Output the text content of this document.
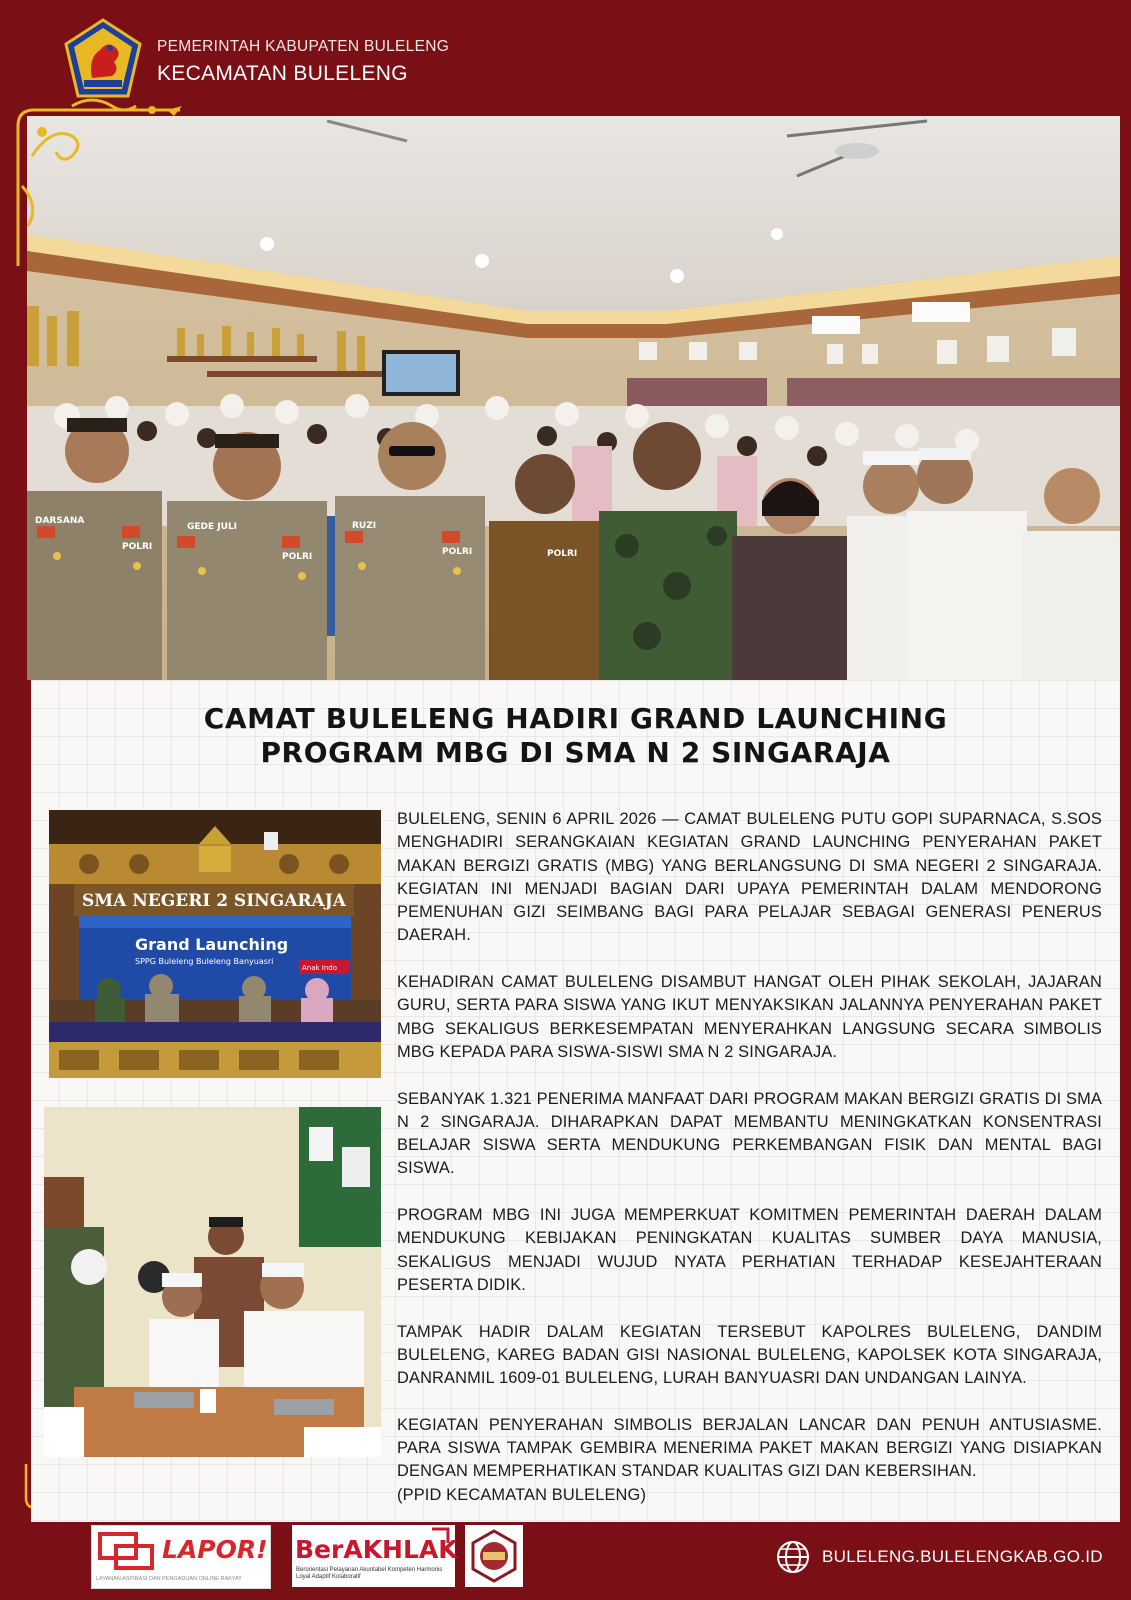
PEMERINTAH KABUPATEN BULELENG
KECAMATAN BULELENG
DARSANA
POLRI
GEDE JULI
POLRI
RUZI
POLRI	POLRI
CAMAT BULELENG HADIRI GRAND LAUNCHING
PROGRAM MBG DI SMA N 2 SINGARAJA
SMA NEGERI 2 SINGARAJA
Grand Launching
SPPG Buleleng Buleleng Banyuasri
Anak Indo

BULELENG, SENIN 6 APRIL 2026 — CAMAT BULELENG PUTU GOPI SUPARNACA, S.SOS MENGHADIRI SERANGKAIAN KEGIATAN GRAND LAUNCHING PENYERAHAN PAKET MAKAN BERGIZI GRATIS (MBG) YANG BERLANGSUNG DI SMA NEGERI 2 SINGARAJA. KEGIATAN INI MENJADI BAGIAN DARI UPAYA PEMERINTAH DALAM MENDORONG PEMENUHAN GIZI SEIMBANG BAGI PARA PELAJAR SEBAGAI GENERASI PENERUS DAERAH.

KEHADIRAN CAMAT BULELENG DISAMBUT HANGAT OLEH PIHAK SEKOLAH, JAJARAN GURU, SERTA PARA SISWA YANG IKUT MENYAKSIKAN JALANNYA PENYERAHAN PAKET MBG SEKALIGUS BERKESEMPATAN MENYERAHKAN LANGSUNG SECARA SIMBOLIS MBG KEPADA PARA SISWA-SISWI SMA N 2 SINGARAJA.

SEBANYAK 1.321 PENERIMA MANFAAT DARI PROGRAM MAKAN BERGIZI GRATIS DI SMA N 2 SINGARAJA. DIHARAPKAN DAPAT MEMBANTU MENINGKATKAN KONSENTRASI BELAJAR SISWA SERTA MENDUKUNG PERKEMBANGAN FISIK DAN MENTAL BAGI SISWA.

PROGRAM MBG INI JUGA MEMPERKUAT KOMITMEN PEMERINTAH DAERAH DALAM MENDUKUNG KEBIJAKAN PENINGKATAN KUALITAS SUMBER DAYA MANUSIA, SEKALIGUS MENJADI WUJUD NYATA PERHATIAN TERHADAP KESEJAHTERAAN PESERTA DIDIK.

TAMPAK HADIR DALAM KEGIATAN TERSEBUT KAPOLRES BULELENG, DANDIM BULELENG, KAREG BADAN GISI NASIONAL BULELENG, KAPOLSEK KOTA SINGARAJA, DANRANMIL 1609-01 BULELENG, LURAH BANYUASRI DAN UNDANGAN LAINYA.

KEGIATAN PENYERAHAN SIMBOLIS BERJALAN LANCAR DAN PENUH ANTUSIASME. PARA SISWA TAMPAK GEMBIRA MENERIMA PAKET MAKAN BERGIZI YANG DISIAPKAN DENGAN MEMPERHATIKAN STANDAR KUALITAS GIZI DAN KEBERSIHAN.

(PPID KECAMATAN BULELENG)
LAPOR!
LAYANAN ASPIRASI DAN PENGADUAN ONLINE RAKYAT
BerAKHLAK
Berorientasi Pelayanan Akuntabel Kompeten Harmonis Loyal Adaptif Kolaboratif
BULELENG.BULELENGKAB.GO.ID
